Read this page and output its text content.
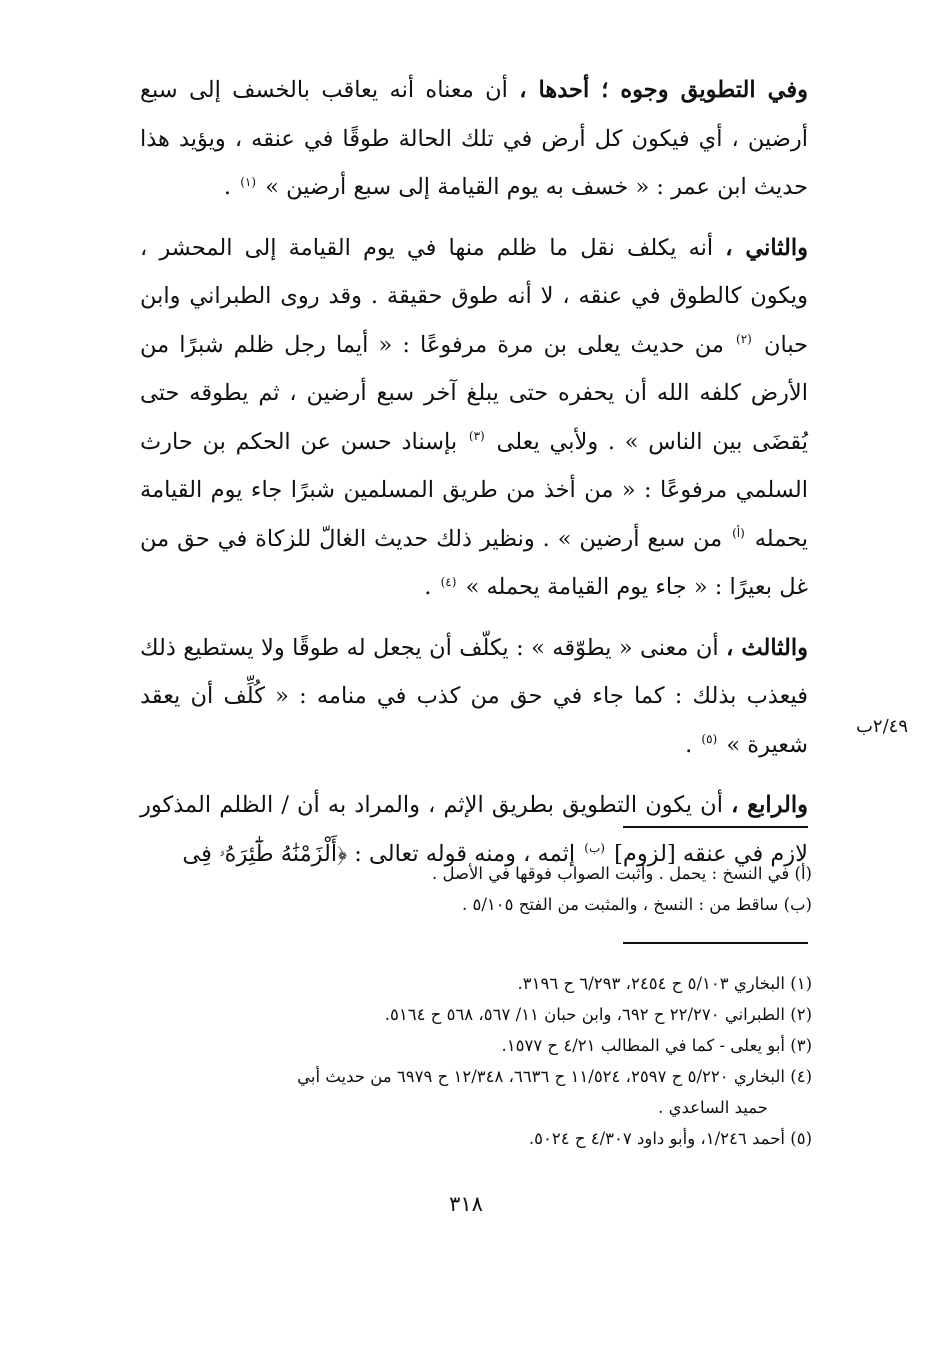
٢/٤٩ب

وفي التطويق وجوه ؛ أحدها ، أن معناه أنه يعاقب بالخسف إلى سبع أرضين ، أي فيكون كل أرض في تلك الحالة طوقًا في عنقه ، ويؤيد هذا حديث ابن عمر : « خسف به يوم القيامة إلى سبع أرضين » $^{(١)}$ .

والثاني ، أنه يكلف نقل ما ظلم منها في يوم القيامة إلى المحشر ، ويكون كالطوق في عنقه ، لا أنه طوق حقيقة . وقد روى الطبراني وابن حبان $^{(٢)}$ من حديث يعلى بن مرة مرفوعًا : « أيما رجل ظلم شبرًا من الأرض كلفه الله أن يحفره حتى يبلغ آخر سبع أرضين ، ثم يطوقه حتى يُقضَى بين الناس » . ولأبي يعلى $^{(٣)}$ بإسناد حسن عن الحكم بن حارث السلمي مرفوعًا : « من أخذ من طريق المسلمين شبرًا جاء يوم القيامة يحمله $^{(أ)}$ من سبع أرضين » . ونظير ذلك حديث الغالّ للزكاة في حق من غل بعيرًا : « جاء يوم القيامة يحمله » $^{(٤)}$ .

والثالث ، أن معنى « يطوّقه » : يكلّف أن يجعل له طوقًا ولا يستطيع ذلك فيعذب بذلك : كما جاء في حق من كذب في منامه : « كُلِّف أن يعقد شعيرة » $^{(٥)}$ .

والرابع ، أن يكون التطويق بطريق الإثم ، والمراد به أن / الظلم المذكور لازم في عنقه [لزوم] $^{(ب)}$ إثمه ، ومنه قوله تعالى : ﴿أَلْزَمْنَٰهُ طَٰٓئِرَهُۥ فِى

(أ) في النسخ : يحمل . وأثبت الصواب فوقها في الأصل .

(ب) ساقط من : النسخ ، والمثبت من الفتح ٥/١٠٥ .

(١) البخاري ٥/١٠٣ ح ٢٤٥٤، ٦/٢٩٣ ح ٣١٩٦.

(٢) الطبراني ٢٢/٢٧٠ ح ٦٩٢، وابن حبان ١١/ ٥٦٧، ٥٦٨ ح ٥١٦٤.

(٣) أبو يعلى - كما في المطالب ٤/٢١ ح ١٥٧٧.

(٤) البخاري ٥/٢٢٠ ح ٢٥٩٧، ١١/٥٢٤ ح ٦٦٣٦، ١٢/٣٤٨ ح ٦٩٧٩ من حديث أبي
حميد الساعدي .

(٥) أحمد ١/٢٤٦، وأبو داود ٤/٣٠٧ ح ٥٠٢٤.

٣١٨
